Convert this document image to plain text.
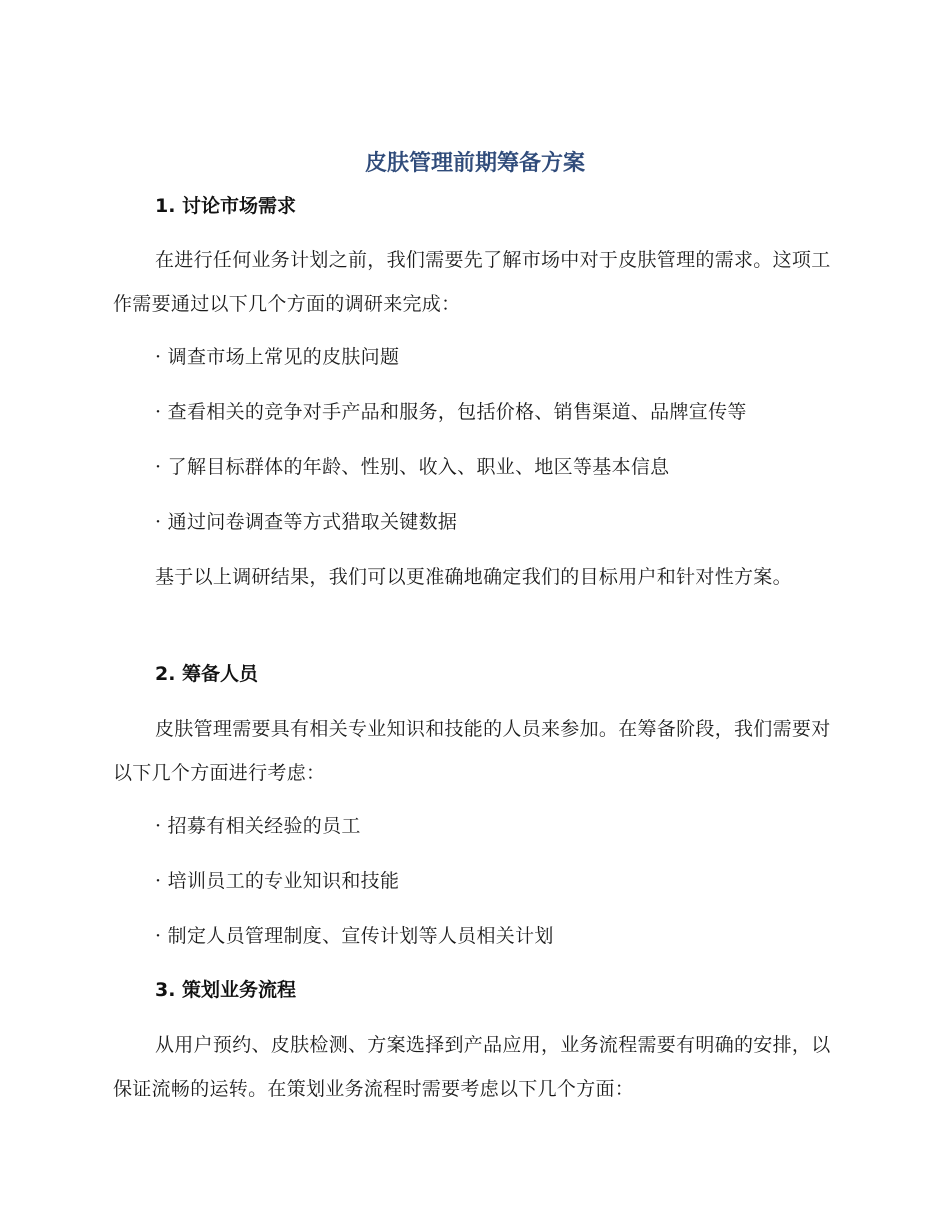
皮肤管理前期筹备方案
1. 讨论市场需求
在进行任何业务计划之前，我们需要先了解市场中对于皮肤管理的需求。这项工作需要通过以下几个方面的调研来完成：
· 调查市场上常见的皮肤问题
· 查看相关的竞争对手产品和服务，包括价格、销售渠道、品牌宣传等
· 了解目标群体的年龄、性别、收入、职业、地区等基本信息
· 通过问卷调查等方式猎取关键数据
基于以上调研结果，我们可以更准确地确定我们的目标用户和针对性方案。
2. 筹备人员
皮肤管理需要具有相关专业知识和技能的人员来参加。在筹备阶段，我们需要对以下几个方面进行考虑：
· 招募有相关经验的员工
· 培训员工的专业知识和技能
· 制定人员管理制度、宣传计划等人员相关计划
3. 策划业务流程
从用户预约、皮肤检测、方案选择到产品应用，业务流程需要有明确的安排，以保证流畅的运转。在策划业务流程时需要考虑以下几个方面：
